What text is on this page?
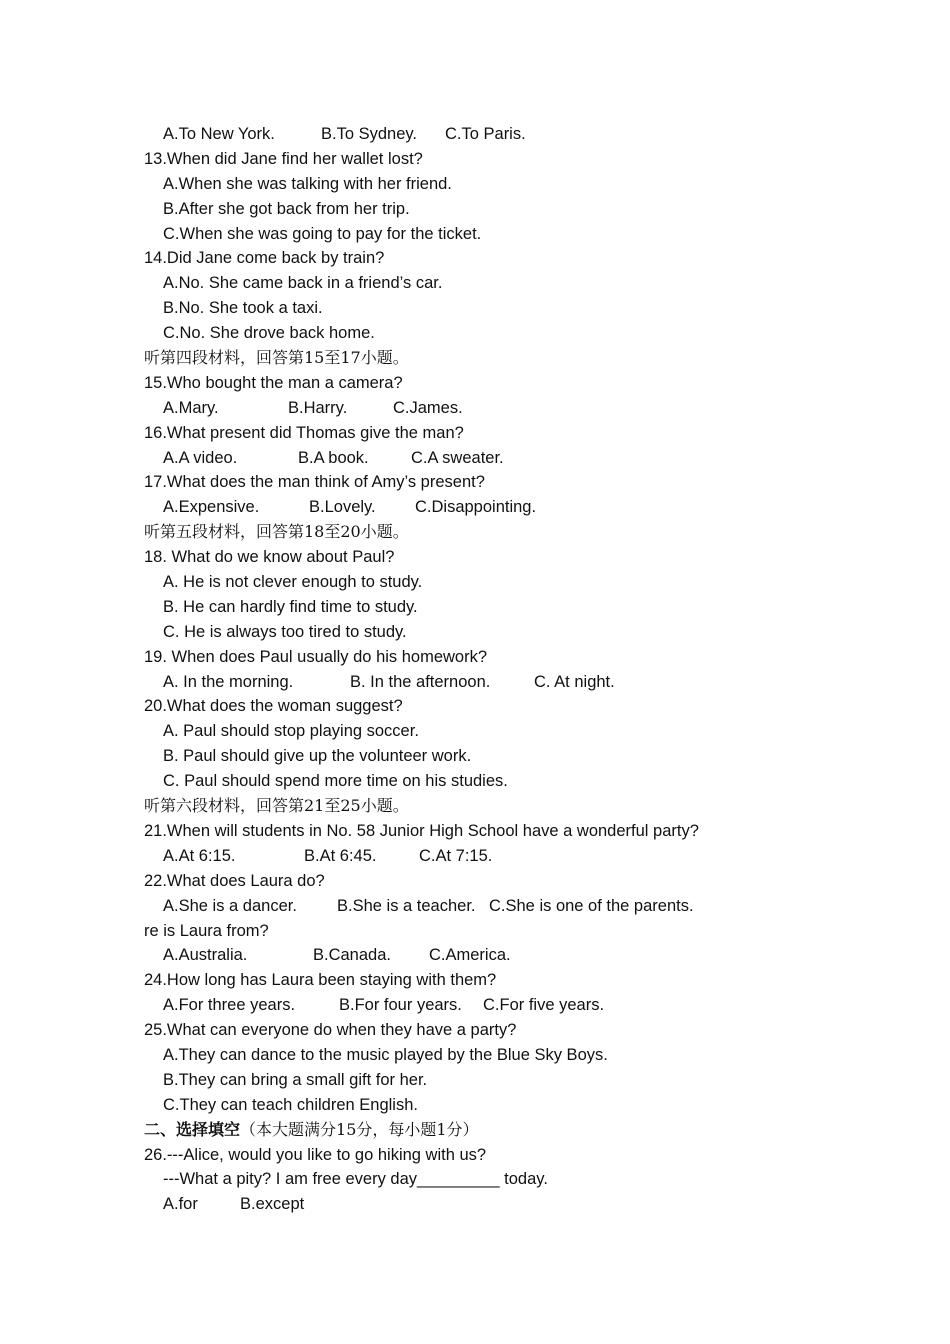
A.To New York.	B.To Sydney. C.To Paris.
13.When did Jane find her wallet lost?
A.When she was talking with her friend.
B.After she got back from her trip.
C.When she was going to pay for the ticket.
14.Did Jane come back by train?
A.No. She came back in a friend’s car.
B.No. She took a taxi.
C.No. She drove back home.
听第四段材料，回答第15至17小题。
15.Who bought the man a camera?
A.Mary.	B.Harry.	C.James.
16.What present did Thomas give the man?
A.A video.	B.A book.	C.A sweater.
17.What does the man think of Amy’s present?
A.Expensive.	B.Lovely. C.Disappointing.
听第五段材料，回答第18至20小题。
18. What do we know about Paul?
A. He is not clever enough to study.
B. He can hardly find time to study.
C. He is always too tired to study.
19. When does Paul usually do his homework?
A. In the morning.	B. In the afternoon.	C. At night.
20.What does the woman suggest?
A. Paul should stop playing soccer.
B. Paul should give up the volunteer work.
C. Paul should spend more time on his studies.
听第六段材料，回答第21至25小题。
21.When will students in No. 58 Junior High School have a wonderful party?
A.At 6:15.	B.At 6:45.	C.At 7:15.
22.What does Laura do?
A.She is a dancer. B.She is a teacher. C.She is one of the parents.
re is Laura from?
A.Australia.	B.Canada. C.America.
24.How long has Laura been staying with them?
A.For three years.	B.For four years. C.For five years.
25.What can everyone do when they have a party?
A.They can dance to the music played by the Blue Sky Boys.
B.They can bring a small gift for her.
C.They can teach children English.
二、选择填空（本大题满分15分，每小题1分）
26.---Alice, would you like to go hiking with us?
---What a pity? I am free every day_________ today.
A.for	B.except
